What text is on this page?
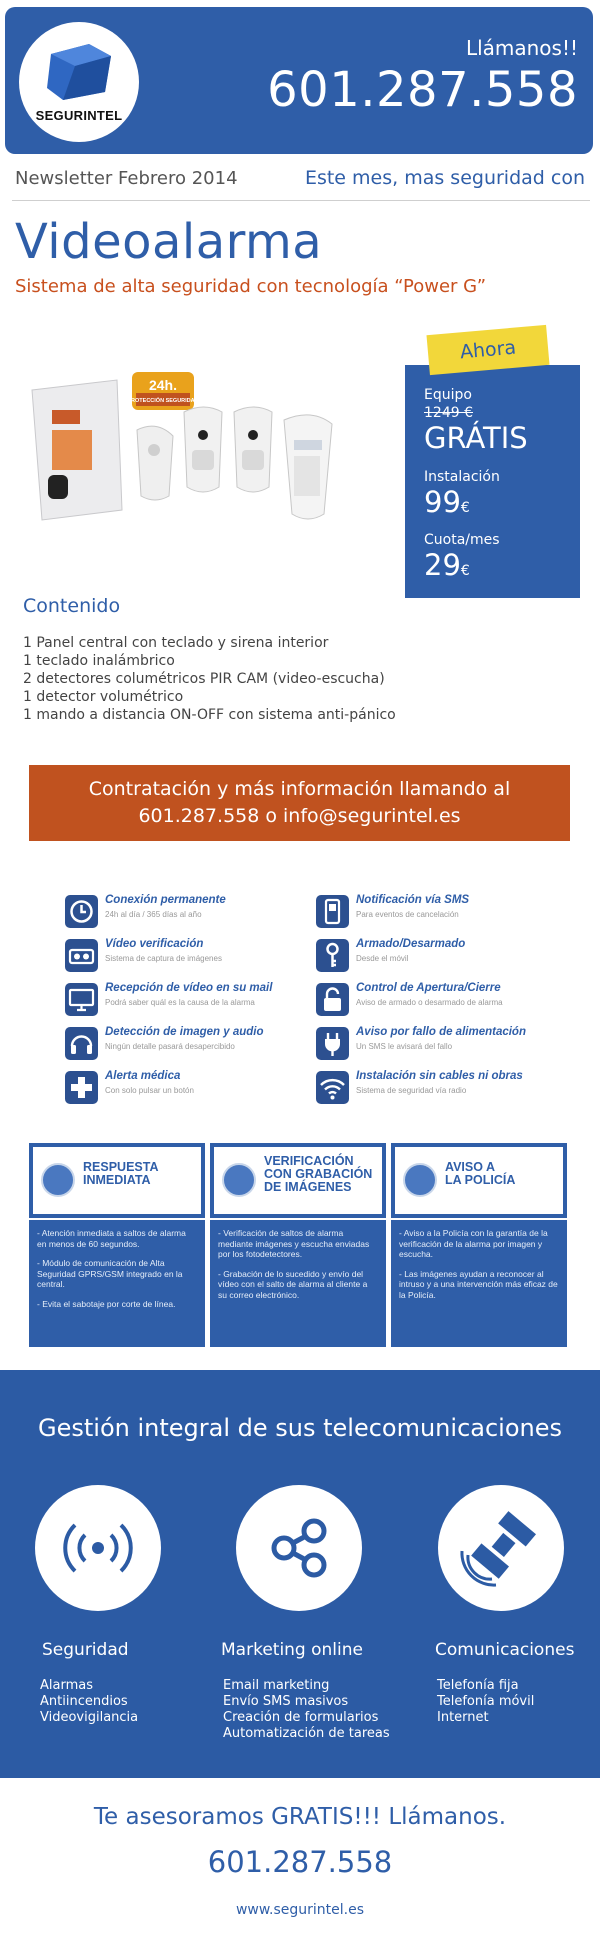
SEGURINTEL
Llámanos!!
601.287.558
Newsletter Febrero 2014	Este mes, mas seguridad con
Videoalarma
Sistema de alta seguridad con tecnología “Power G”
24h.
PROTECCIÓN SEGURIDAD	Equipo
1249 €
GRÁTIS
Instalación
99€
Cuota/mes
29€
Ahora
Contenido
1 Panel central con teclado y sirena interior
1 teclado inalámbrico
2 detectores columétricos PIR CAM (video-escucha)
1 detector volumétrico
1 mando a distancia ON-OFF con sistema anti-pánico
Contratación y más información llamando al
601.287.558 o info@segurintel.es
Conexión permanente
24h al día / 365 días al año
Notificación vía SMS
Para eventos de cancelación
Vídeo verificación
Sistema de captura de imágenes
Armado/Desarmado
Desde el móvil
Recepción de vídeo en su mail
Podrá saber quál es la causa de la alarma
Control de Apertura/Cierre
Aviso de armado o desarmado de alarma
Detección de imagen y audio
Ningún detalle pasará desapercibido
Aviso por fallo de alimentación
Un SMS le avisará del fallo
Alerta médica
Con solo pulsar un botón
Instalación sin cables ni obras
Sistema de seguridad vía radio
RESPUESTA
INMEDIATA

- Atención inmediata a saltos de alarma en menos de 60 segundos.

- Módulo de comunicación de Alta Seguridad GPRS/GSM integrado en la central.

- Evita el sabotaje por corte de línea.

VERIFICACIÓN
CON GRABACIÓN
DE IMÁGENES

- Verificación de saltos de alarma mediante imágenes y escucha enviadas por los fotodetectores.

- Grabación de lo sucedido y envío del vídeo con el salto de alarma al cliente a su correo electrónico.

AVISO A
LA POLICÍA

- Aviso a la Policía con la garantía de la verificación de la alarma por imagen y escucha.

- Las imágenes ayudan a reconocer al intruso y a una intervención más eficaz de la Policía.

Gestión integral de sus telecomunicaciones
Seguridad
Alarmas
Antiincendios
Videovigilancia
Marketing online
Email marketing
Envío SMS masivos
Creación de formularios
Automatización de tareas
Comunicaciones
Telefonía fija
Telefonía móvil
Internet
Te asesoramos GRATIS!!! Llámanos.
601.287.558
www.segurintel.es
